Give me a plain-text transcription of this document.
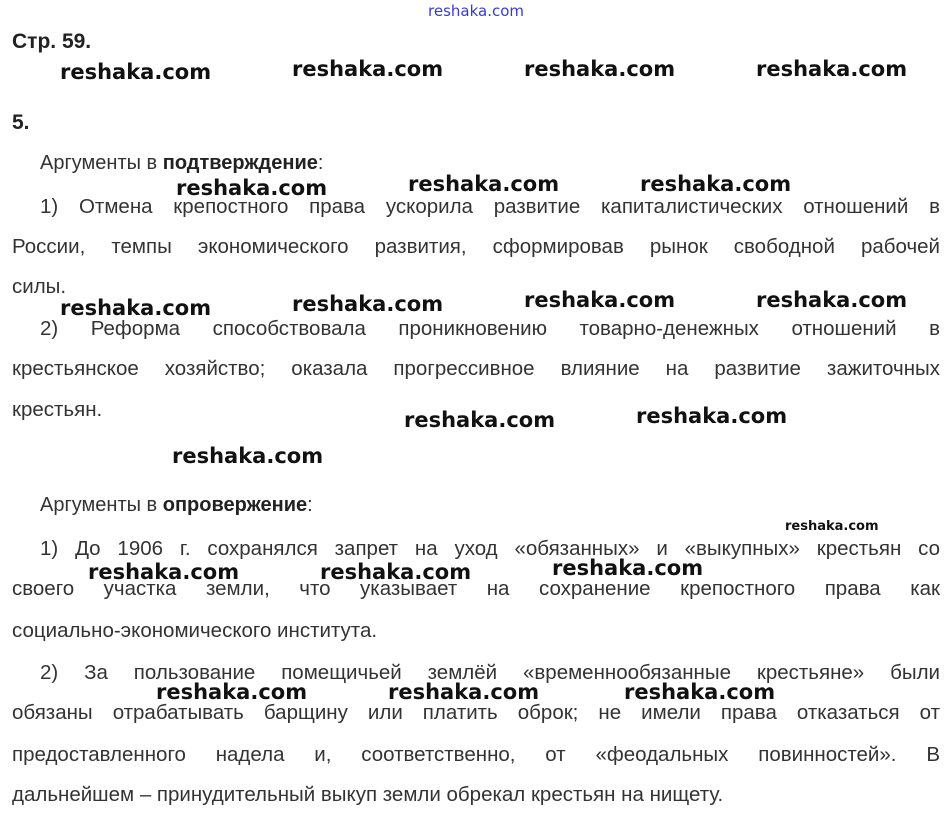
reshaka.com
Стр. 59.
reshaka.com	reshaka.com	reshaka.com	reshaka.com
5.
Аргументы в подтверждение:
1) Отмена крепостного права ускорила развитие капиталистических отношений в
России, темпы экономического развития, сформировав рынок свободной рабочей
силы.
2) Реформа способствовала проникновению товарно-денежных отношений в
крестьянское хозяйство; оказала прогрессивное влияние на развитие зажиточных
крестьян.
reshaka.com	reshaka.com	reshaka.com
reshaka.com	reshaka.com	reshaka.com	reshaka.com
reshaka.com	reshaka.com
reshaka.com
Аргументы в опровержение:
1) До 1906 г. сохранялся запрет на уход «обязанных» и «выкупных» крестьян со
своего участка земли, что указывает на сохранение крепостного права как
социально-экономического института.
2) За пользование помещичьей землёй «временнообязанные крестьяне» были
обязаны отрабатывать барщину или платить оброк; не имели права отказаться от
предоставленного надела и, соответственно, от «феодальных повинностей». В
дальнейшем – принудительный выкуп земли обрекал крестьян на нищету.
reshaka.com
reshaka.com	reshaka.com	reshaka.com
reshaka.com	reshaka.com	reshaka.com
